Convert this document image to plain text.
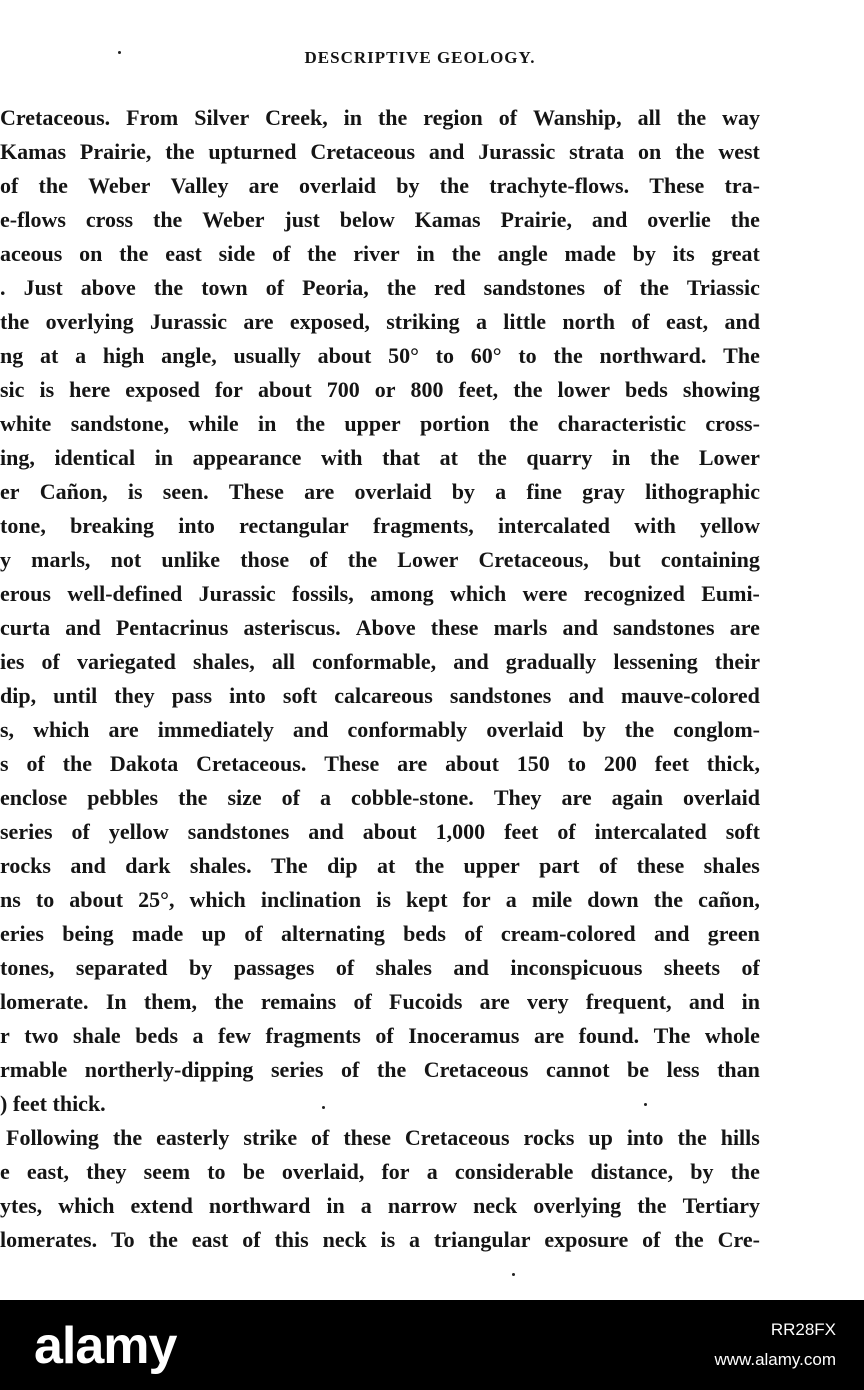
DESCRIPTIVE GEOLOGY.
Cretaceous. From Silver Creek, in the region of Wanship, all the way
Kamas Prairie, the upturned Cretaceous and Jurassic strata on the west
of the Weber Valley are overlaid by the trachyte-flows. These tra-
e-flows cross the Weber just below Kamas Prairie, and overlie the
aceous on the east side of the river in the angle made by its great
. Just above the town of Peoria, the red sandstones of the Triassic
the overlying Jurassic are exposed, striking a little north of east, and
ng at a high angle, usually about 50° to 60° to the northward. The
sic is here exposed for about 700 or 800 feet, the lower beds showing
white sandstone, while in the upper portion the characteristic cross-
ing, identical in appearance with that at the quarry in the Lower
er Cañon, is seen. These are overlaid by a fine gray lithographic
tone, breaking into rectangular fragments, intercalated with yellow
y marls, not unlike those of the Lower Cretaceous, but containing
erous well-defined Jurassic fossils, among which were recognized Eumi-
curta and Pentacrinus asteriscus. Above these marls and sandstones are
ies of variegated shales, all conformable, and gradually lessening their
dip, until they pass into soft calcareous sandstones and mauve-colored
s, which are immediately and conformably overlaid by the conglom-
s of the Dakota Cretaceous. These are about 150 to 200 feet thick,
enclose pebbles the size of a cobble-stone. They are again overlaid
series of yellow sandstones and about 1,000 feet of intercalated soft
rocks and dark shales. The dip at the upper part of these shales
ns to about 25°, which inclination is kept for a mile down the cañon,
eries being made up of alternating beds of cream-colored and green
tones, separated by passages of shales and inconspicuous sheets of
lomerate. In them, the remains of Fucoids are very frequent, and in
r two shale beds a few fragments of Inoceramus are found. The whole
rmable northerly-dipping series of the Cretaceous cannot be less than
) feet thick.
Following the easterly strike of these Cretaceous rocks up into the hills
e east, they seem to be overlaid, for a considerable distance, by the
ytes, which extend northward in a narrow neck overlying the Tertiary
lomerates. To the east of this neck is a triangular exposure of the Cre-
alamy	RR28FX
www.alamy.com
